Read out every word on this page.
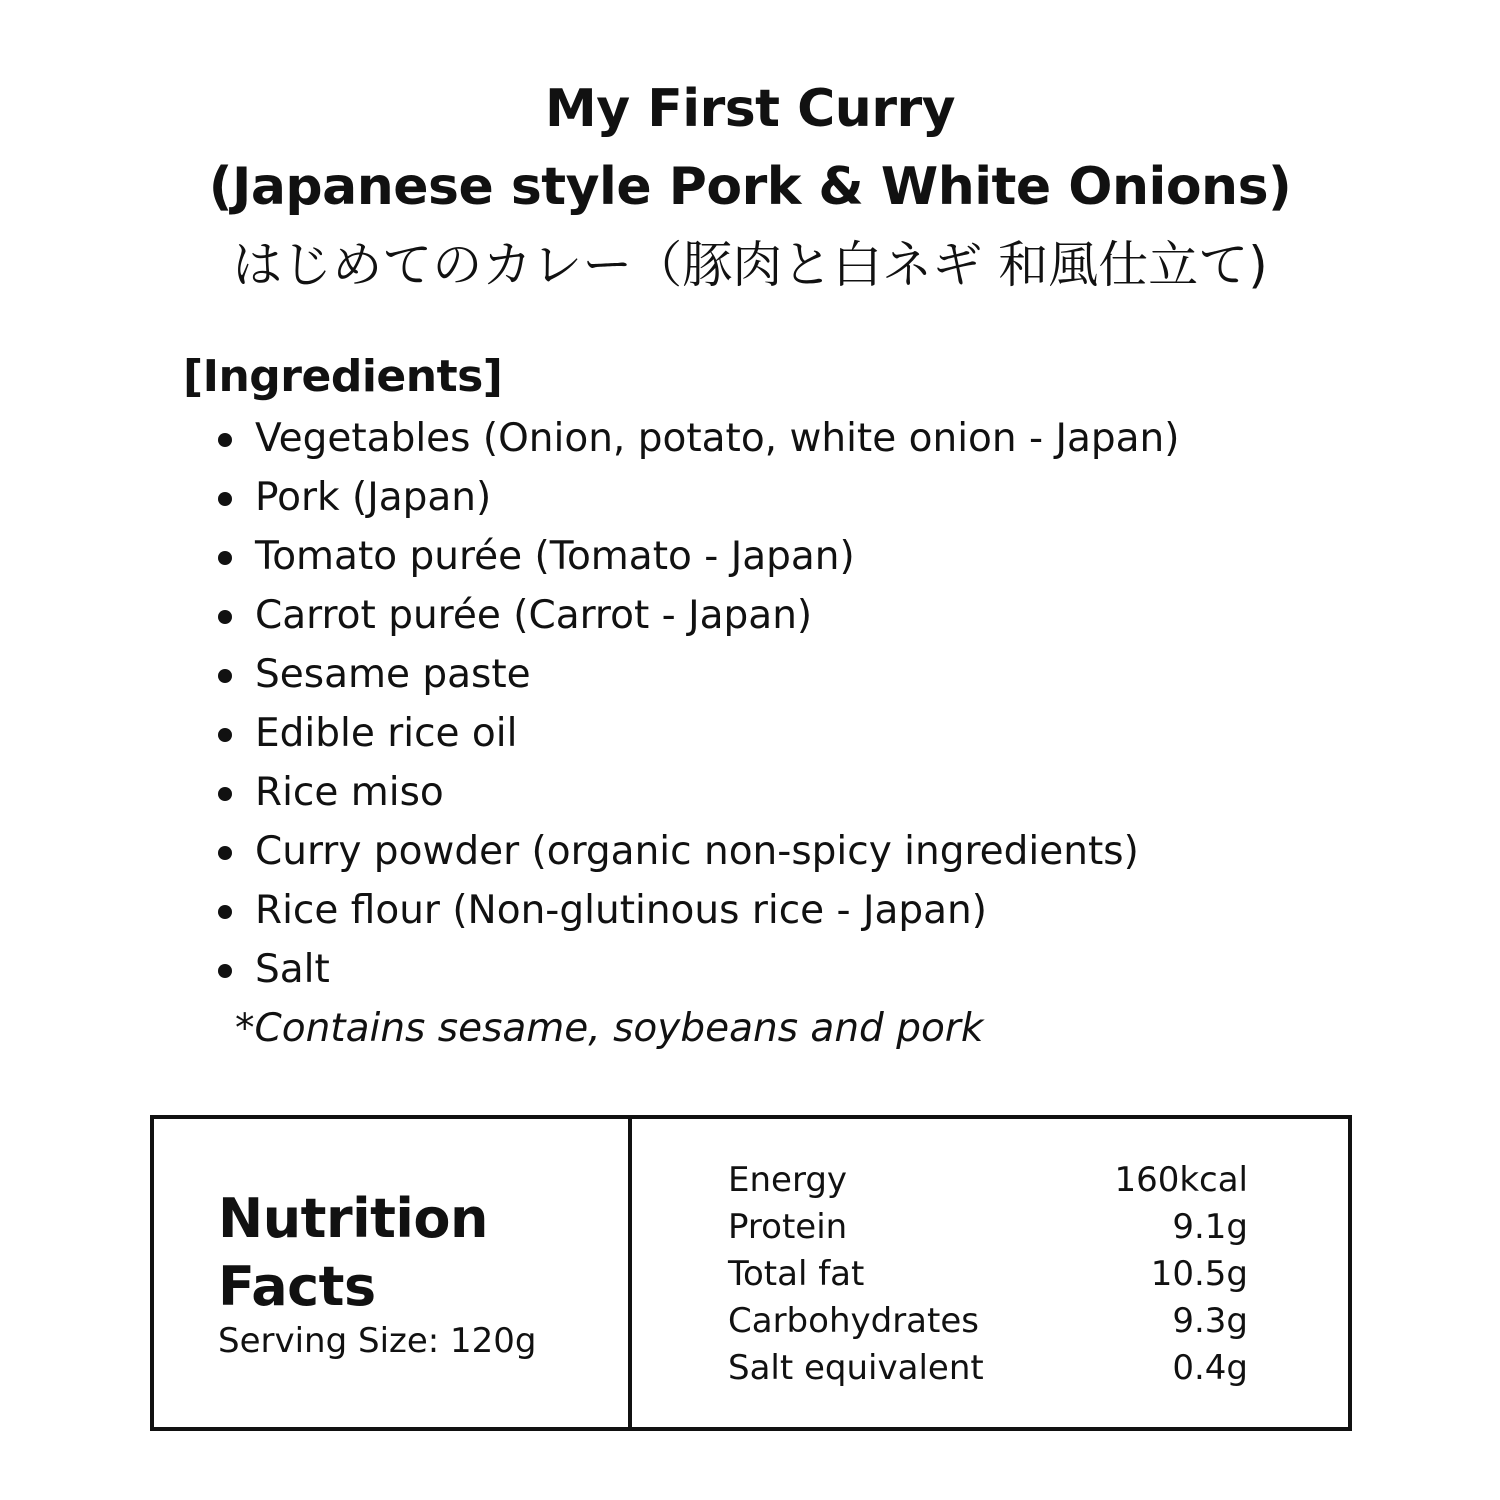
My First Curry
(Japanese style Pork & White Onions)
はじめてのカレー（豚肉と白ネギ 和風仕立て)
[Ingredients]
Vegetables (Onion, potato, white onion - Japan)
Pork (Japan)
Tomato purée (Tomato - Japan)
Carrot purée (Carrot - Japan)
Sesame paste
Edible rice oil
Rice miso
Curry powder (organic non-spicy ingredients)
Rice flour (Non-glutinous rice - Japan)
Salt
*Contains sesame, soybeans and pork
Nutrition
Facts
Serving Size: 120g
Energy	160kcal
Protein	9.1g
Total fat	10.5g
Carbohydrates	9.3g
Salt equivalent	0.4g
